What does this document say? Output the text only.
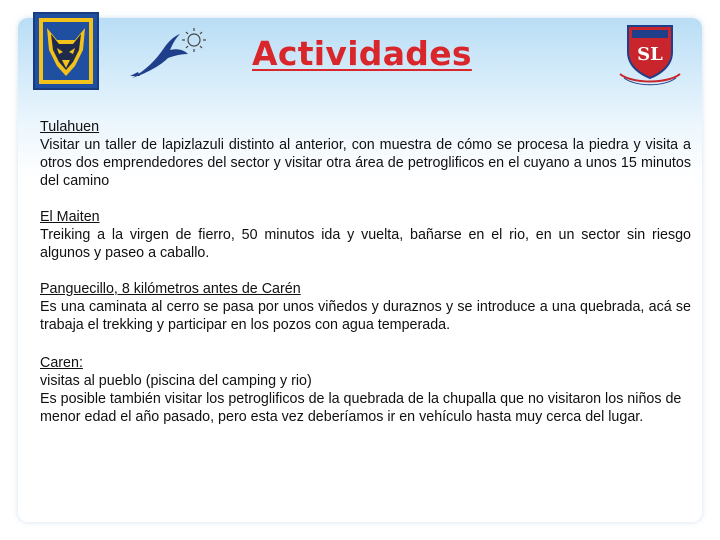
Actividades	SL
Tulahuen
Visitar un taller de lapizlazuli distinto al anterior, con muestra de cómo se procesa la piedra y visita a otros dos emprendedores del sector y visitar otra área de petroglificos en el cuyano a unos 15 minutos del camino
El Maiten
Treiking a la virgen de fierro, 50 minutos ida y vuelta, bañarse en el rio, en un sector sin riesgo algunos y paseo a caballo.
Panguecillo, 8 kilómetros antes de Carén
Es una caminata al cerro se pasa por unos viñedos y duraznos y se introduce a una quebrada, acá se trabaja el trekking y participar en los pozos con agua temperada.
Caren:
visitas al pueblo (piscina del camping y rio)
Es posible también visitar los petroglificos de la quebrada de la chupalla que no visitaron los niños de menor edad el año pasado, pero esta vez deberíamos ir en vehículo hasta muy cerca del lugar.
